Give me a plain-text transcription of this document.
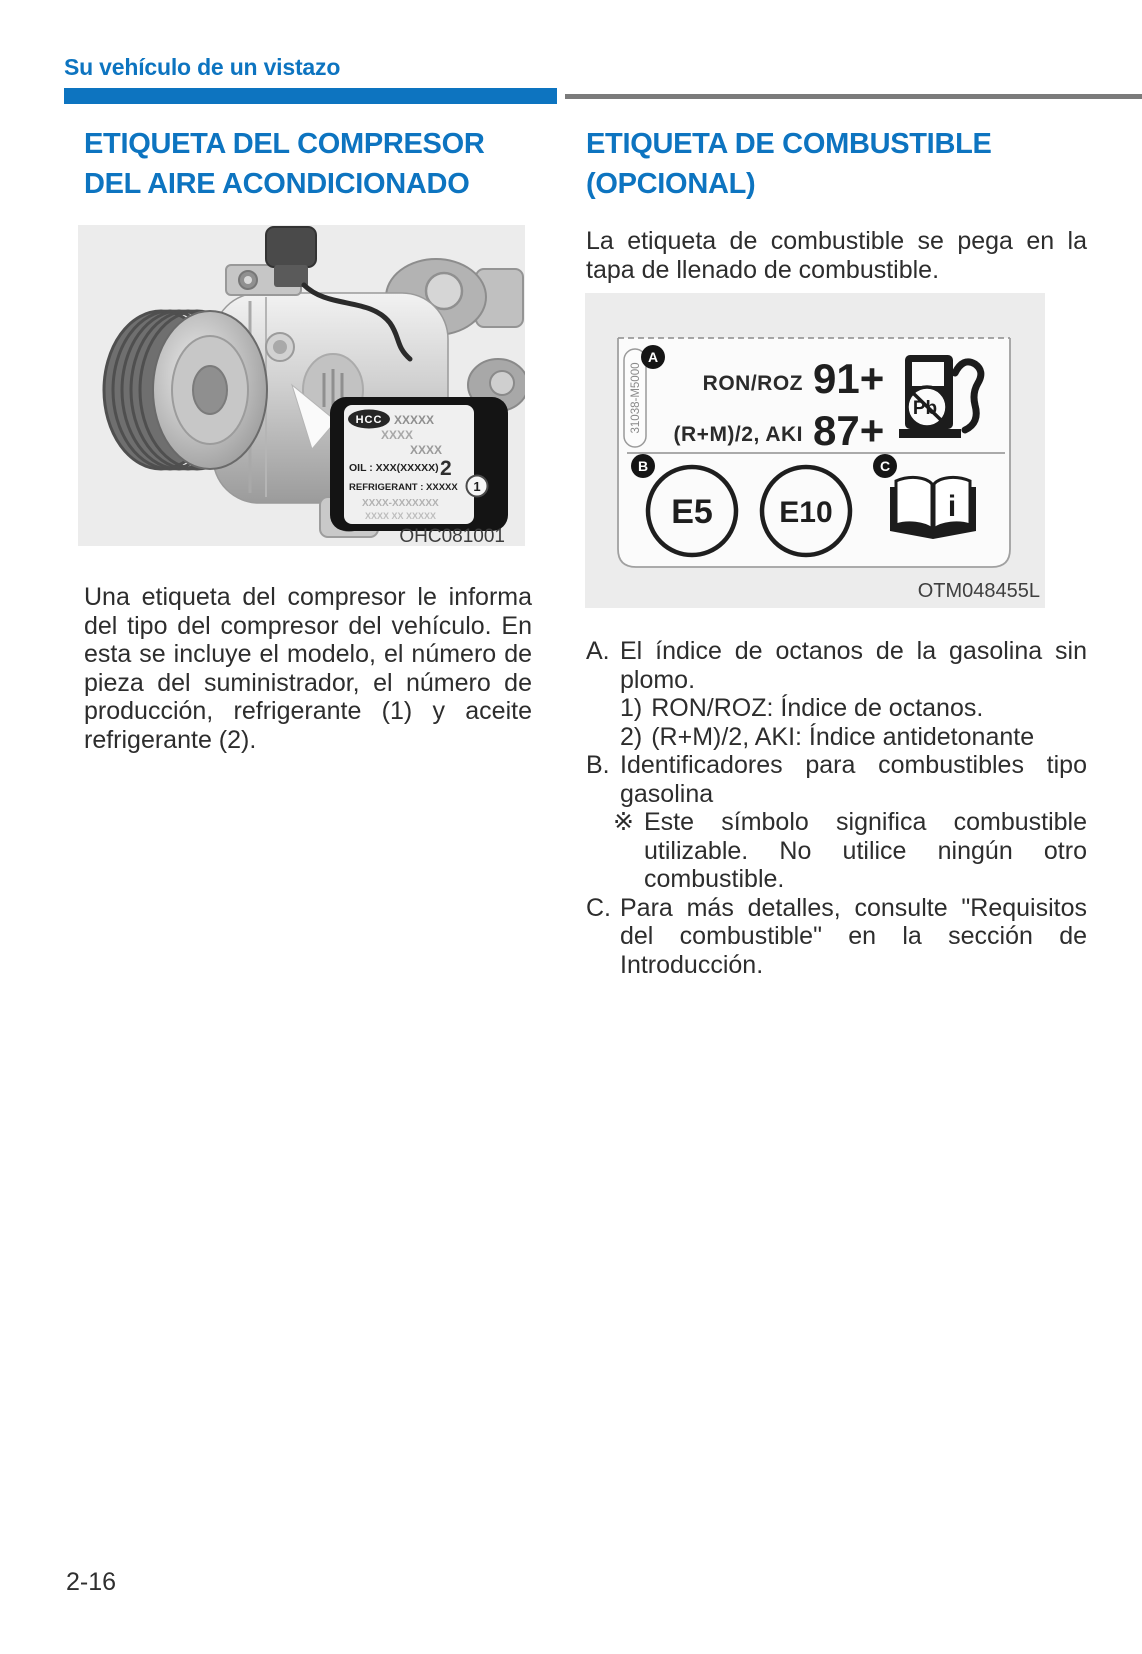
Su vehículo de un vistazo
ETIQUETA DEL COMPRESOR
DEL AIRE ACONDICIONADO
HCC XXXXX
XXXX
XXXX
OIL : XXX(XXXXX) 2
REFRIGERANT : XXXXX 1
XXXX-XXXXXXX
XXXX XX XXXXX
OHC081001

Una etiqueta del compresor le informa del tipo del compresor del vehículo. En esta se incluye el modelo, el número de pieza del suministrador, el número de producción, refrigerante (1) y aceite refrigerante (2).

ETIQUETA DE COMBUSTIBLE
(OPCIONAL)

La etiqueta de combustible se pega en la tapa de llenado de combustible.

31038-M5000
A
RON/ROZ 91+
(R+M)/2, AKI 87+ Pb
B
E5 E10
C
i
OTM048455L
A. El índice de octanos de la gasolina sin plomo.
1) RON/ROZ: Índice de octanos.
2) (R+M)/2, AKI: Índice antidetonante
B. Identificadores para combustibles tipo gasolina
※ Este símbolo significa combustible utilizable. No utilice ningún otro combustible.
C. Para más detalles, consulte "Requisitos del combustible" en la sección de Introducción.
2-16
